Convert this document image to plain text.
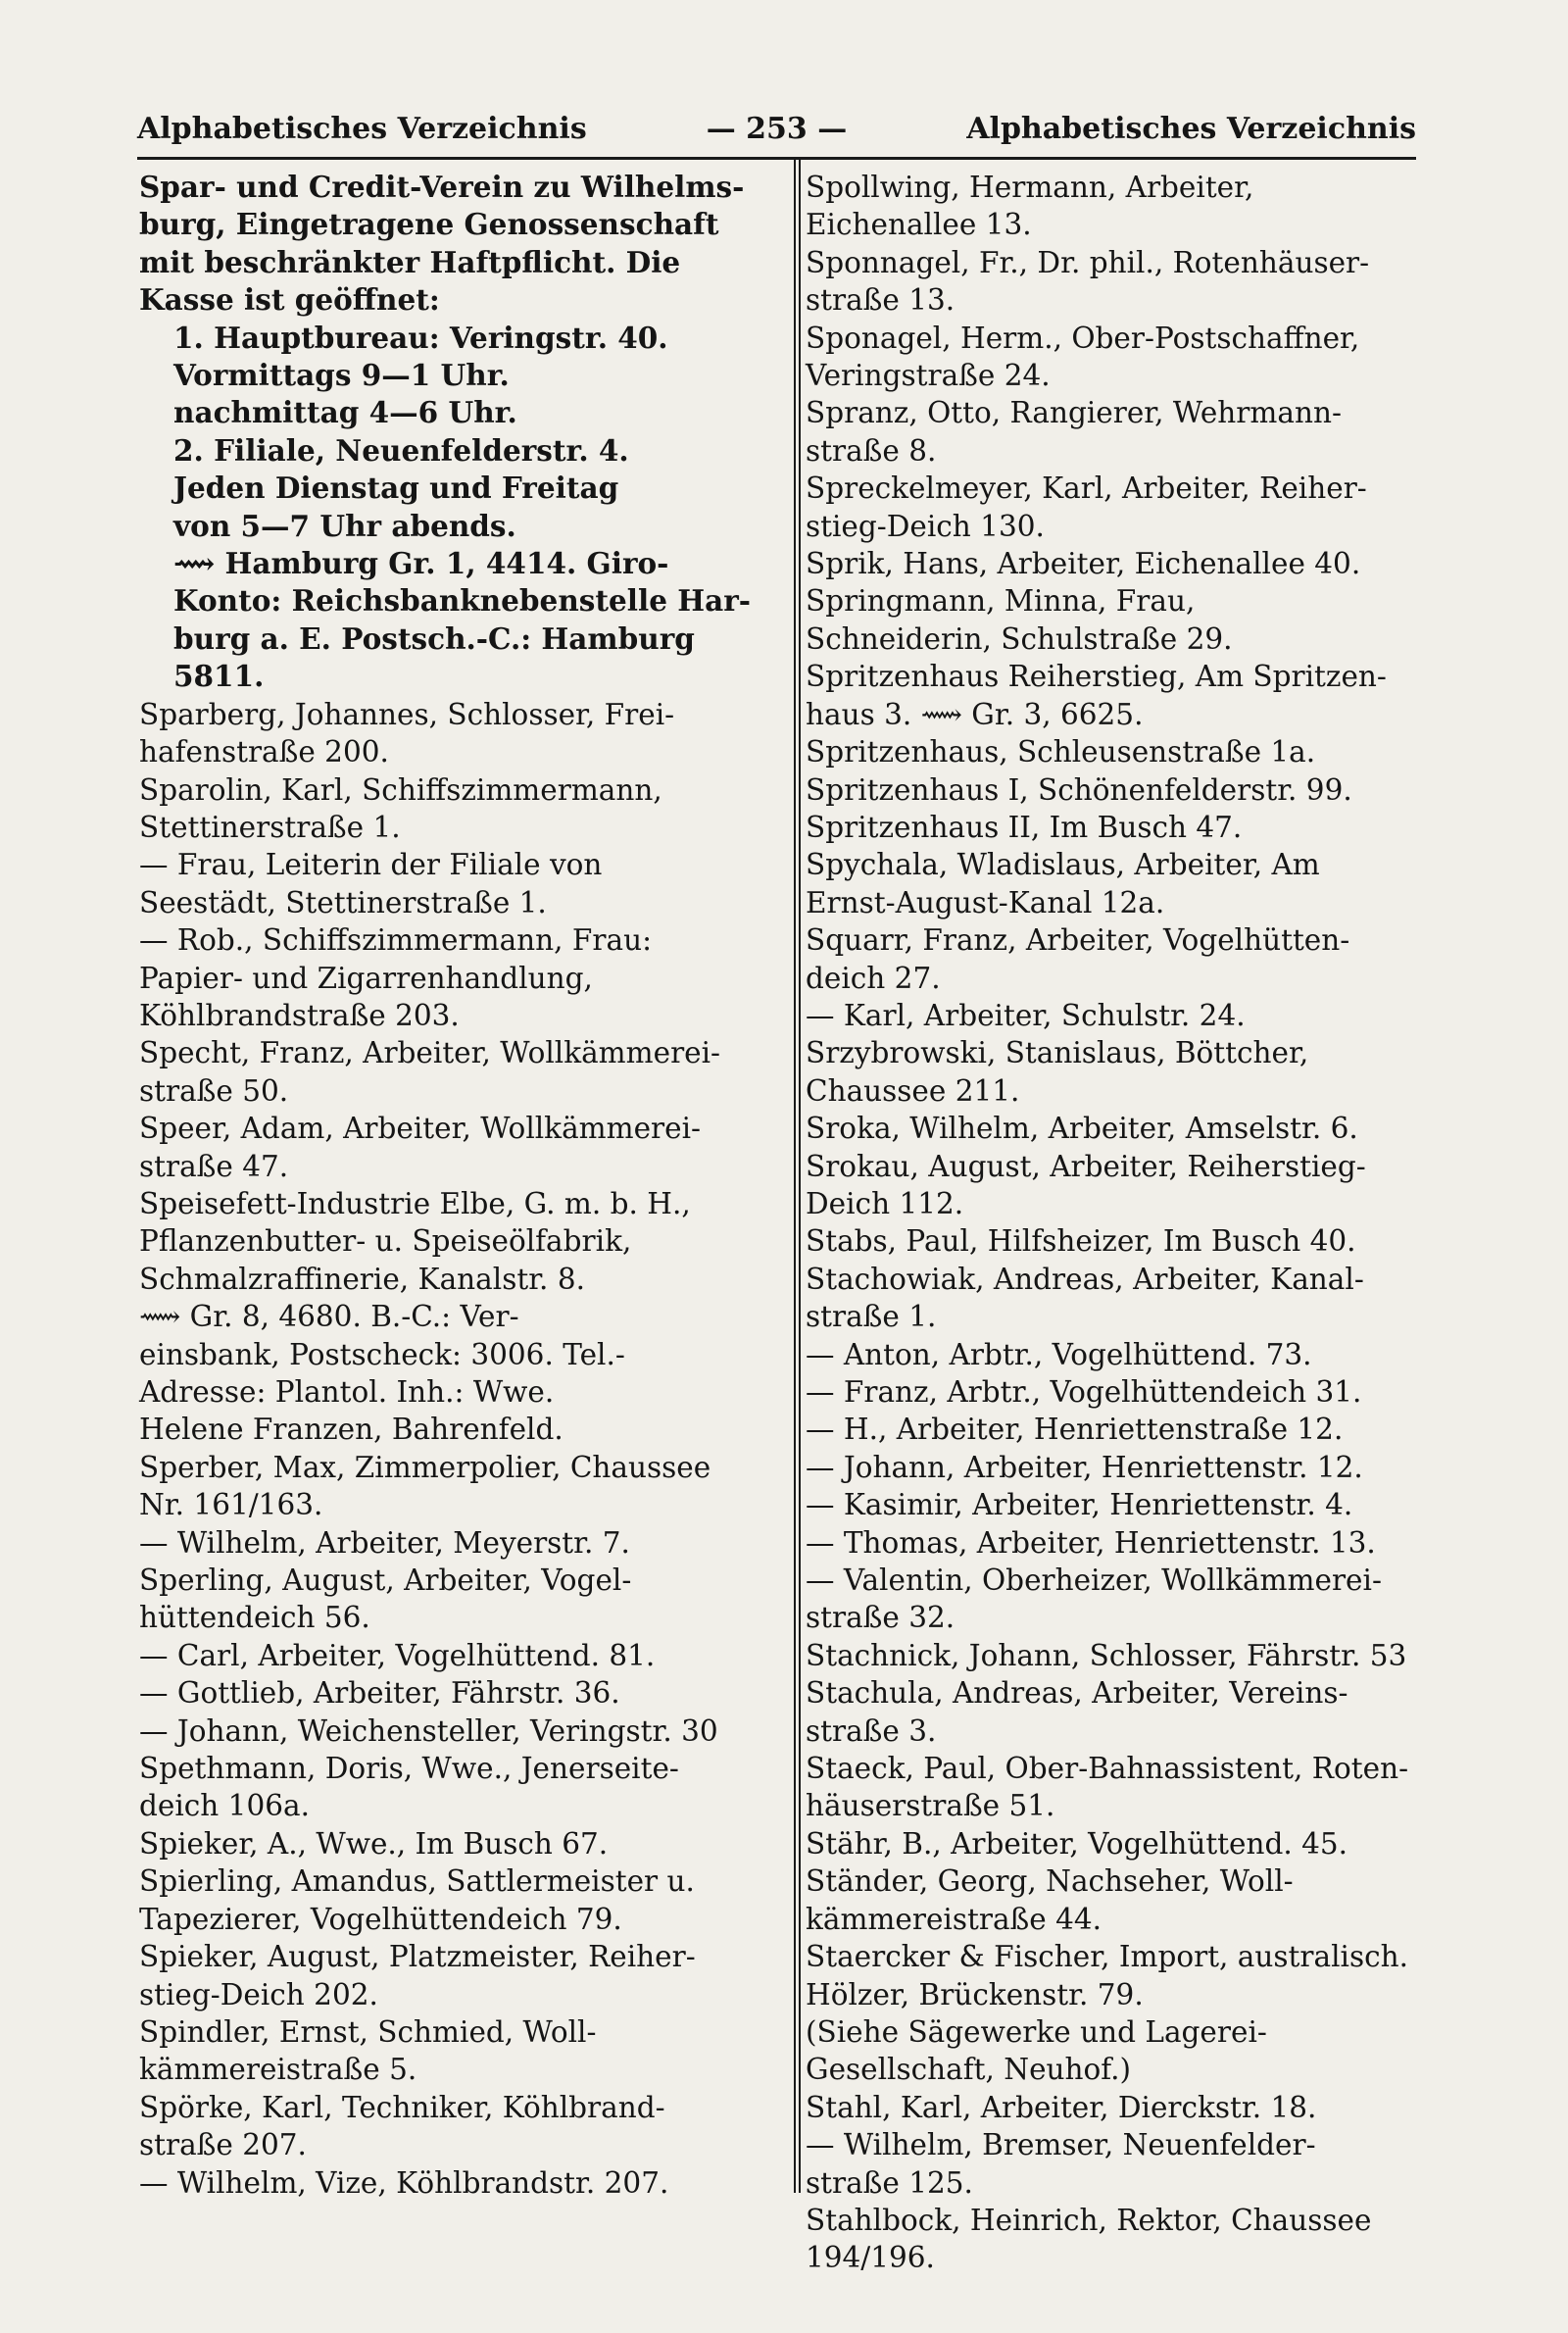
Alphabetisches Verzeichnis	— 253 —	Alphabetisches Verzeichnis
Spar- und Credit-Verein zu Wilhelms-
burg, Eingetragene Genossenschaft
mit beschränkter Haftpflicht. Die
Kasse ist geöffnet:
1. Hauptbureau: Veringstr. 40.
Vormittags 9—1 Uhr.
nachmittag 4—6 Uhr.
2. Filiale, Neuenfelderstr. 4.
Jeden Dienstag und Freitag
von 5—7 Uhr abends.
⟿ Hamburg Gr. 1, 4414. Giro-
Konto: Reichsbanknebenstelle Har-
burg a. E. Postsch.-C.: Hamburg
5811.
Sparberg, Johannes, Schlosser, Frei-
hafenstraße 200.
Sparolin, Karl, Schiffszimmermann,
Stettinerstraße 1.
— Frau, Leiterin der Filiale von
Seestädt, Stettinerstraße 1.
— Rob., Schiffszimmermann, Frau:
Papier- und Zigarrenhandlung,
Köhlbrandstraße 203.
Specht, Franz, Arbeiter, Wollkämmerei-
straße 50.
Speer, Adam, Arbeiter, Wollkämmerei-
straße 47.
Speisefett-Industrie Elbe, G. m. b. H.,
Pflanzenbutter- u. Speiseölfabrik,
Schmalzraffinerie, Kanalstr. 8.
⟿ Gr. 8, 4680. B.-C.: Ver-
einsbank, Postscheck: 3006. Tel.-
Adresse: Plantol. Inh.: Wwe.
Helene Franzen, Bahrenfeld.
Sperber, Max, Zimmerpolier, Chaussee
Nr. 161/163.
— Wilhelm, Arbeiter, Meyerstr. 7.
Sperling, August, Arbeiter, Vogel-
hüttendeich 56.
— Carl, Arbeiter, Vogelhüttend. 81.
— Gottlieb, Arbeiter, Fährstr. 36.
— Johann, Weichensteller, Veringstr. 30
Spethmann, Doris, Wwe., Jenerseite-
deich 106a.
Spieker, A., Wwe., Im Busch 67.
Spierling, Amandus, Sattlermeister u.
Tapezierer, Vogelhüttendeich 79.
Spieker, August, Platzmeister, Reiher-
stieg-Deich 202.
Spindler, Ernst, Schmied, Woll-
kämmereistraße 5.
Spörke, Karl, Techniker, Köhlbrand-
straße 207.
— Wilhelm, Vize, Köhlbrandstr. 207.
Spollwing, Hermann, Arbeiter,
Eichenallee 13.
Sponnagel, Fr., Dr. phil., Rotenhäuser-
straße 13.
Sponagel, Herm., Ober-Postschaffner,
Veringstraße 24.
Spranz, Otto, Rangierer, Wehrmann-
straße 8.
Spreckelmeyer, Karl, Arbeiter, Reiher-
stieg-Deich 130.
Sprik, Hans, Arbeiter, Eichenallee 40.
Springmann, Minna, Frau,
Schneiderin, Schulstraße 29.
Spritzenhaus Reiherstieg, Am Spritzen-
haus 3. ⟿ Gr. 3, 6625.
Spritzenhaus, Schleusenstraße 1a.
Spritzenhaus I, Schönenfelderstr. 99.
Spritzenhaus II, Im Busch 47.
Spychala, Wladislaus, Arbeiter, Am
Ernst-August-Kanal 12a.
Squarr, Franz, Arbeiter, Vogelhütten-
deich 27.
— Karl, Arbeiter, Schulstr. 24.
Srzybrowski, Stanislaus, Böttcher,
Chaussee 211.
Sroka, Wilhelm, Arbeiter, Amselstr. 6.
Srokau, August, Arbeiter, Reiherstieg-
Deich 112.
Stabs, Paul, Hilfsheizer, Im Busch 40.
Stachowiak, Andreas, Arbeiter, Kanal-
straße 1.
— Anton, Arbtr., Vogelhüttend. 73.
— Franz, Arbtr., Vogelhüttendeich 31.
— H., Arbeiter, Henriettenstraße 12.
— Johann, Arbeiter, Henriettenstr. 12.
— Kasimir, Arbeiter, Henriettenstr. 4.
— Thomas, Arbeiter, Henriettenstr. 13.
— Valentin, Oberheizer, Wollkämmerei-
straße 32.
Stachnick, Johann, Schlosser, Fährstr. 53
Stachula, Andreas, Arbeiter, Vereins-
straße 3.
Staeck, Paul, Ober-Bahnassistent, Roten-
häuserstraße 51.
Stähr, B., Arbeiter, Vogelhüttend. 45.
Ständer, Georg, Nachseher, Woll-
kämmereistraße 44.
Staercker & Fischer, Import, australisch.
Hölzer, Brückenstr. 79.
(Siehe Sägewerke und Lagerei-
Gesellschaft, Neuhof.)
Stahl, Karl, Arbeiter, Dierckstr. 18.
— Wilhelm, Bremser, Neuenfelder-
straße 125.
Stahlbock, Heinrich, Rektor, Chaussee
194/196.
